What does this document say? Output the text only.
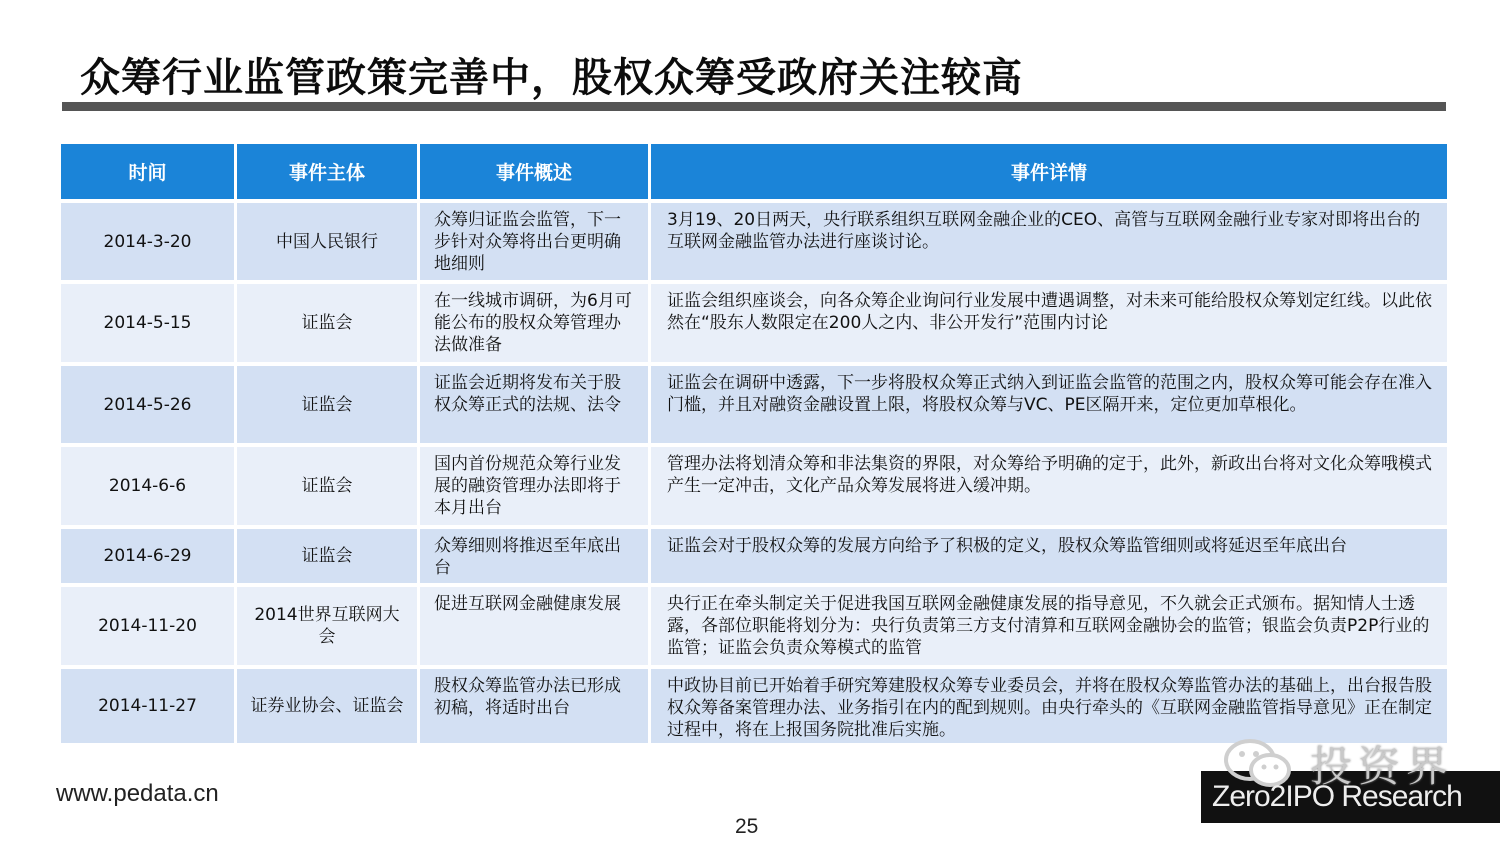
众筹行业监管政策完善中，股权众筹受政府关注较高
时间	事件主体	事件概述	事件详情
2014-3-20	中国人民银行	众筹归证监会监管，下一步针对众筹将出台更明确地细则	3月19、20日两天，央行联系组织互联网金融企业的CEO、高管与互联网金融行业专家对即将出台的互联网金融监管办法进行座谈讨论。
2014-5-15	证监会	在一线城市调研，为6月可能公布的股权众筹管理办法做准备	证监会组织座谈会，向各众筹企业询问行业发展中遭遇调整，对未来可能给股权众筹划定红线。以此依然在“股东人数限定在200人之内、非公开发行”范围内讨论
2014-5-26	证监会	证监会近期将发布关于股权众筹正式的法规、法令	证监会在调研中透露，下一步将股权众筹正式纳入到证监会监管的范围之内，股权众筹可能会存在准入门槛，并且对融资金融设置上限，将股权众筹与VC、PE区隔开来，定位更加草根化。
2014-6-6	证监会	国内首份规范众筹行业发展的融资管理办法即将于本月出台	管理办法将划清众筹和非法集资的界限，对众筹给予明确的定于，此外，新政出台将对文化众筹哦模式产生一定冲击，文化产品众筹发展将进入缓冲期。
2014-6-29	证监会	众筹细则将推迟至年底出台	证监会对于股权众筹的发展方向给予了积极的定义，股权众筹监管细则或将延迟至年底出台
2014-11-20	2014世界互联网大会	促进互联网金融健康发展	央行正在牵头制定关于促进我国互联网金融健康发展的指导意见，不久就会正式颁布。据知情人士透露，各部位职能将划分为：央行负责第三方支付清算和互联网金融协会的监管；银监会负责P2P行业的监管；证监会负责众筹模式的监管
2014-11-27	证券业协会、证监会	股权众筹监管办法已形成初稿，将适时出台	中政协目前已开始着手研究筹建股权众筹专业委员会，并将在股权众筹监管办法的基础上，出台报告股权众筹备案管理办法、业务指引在内的配到规则。由央行牵头的《互联网金融监管指导意见》正在制定过程中，将在上报国务院批准后实施。
www.pedata.cn
25
投资界
Zero2IPO Research
